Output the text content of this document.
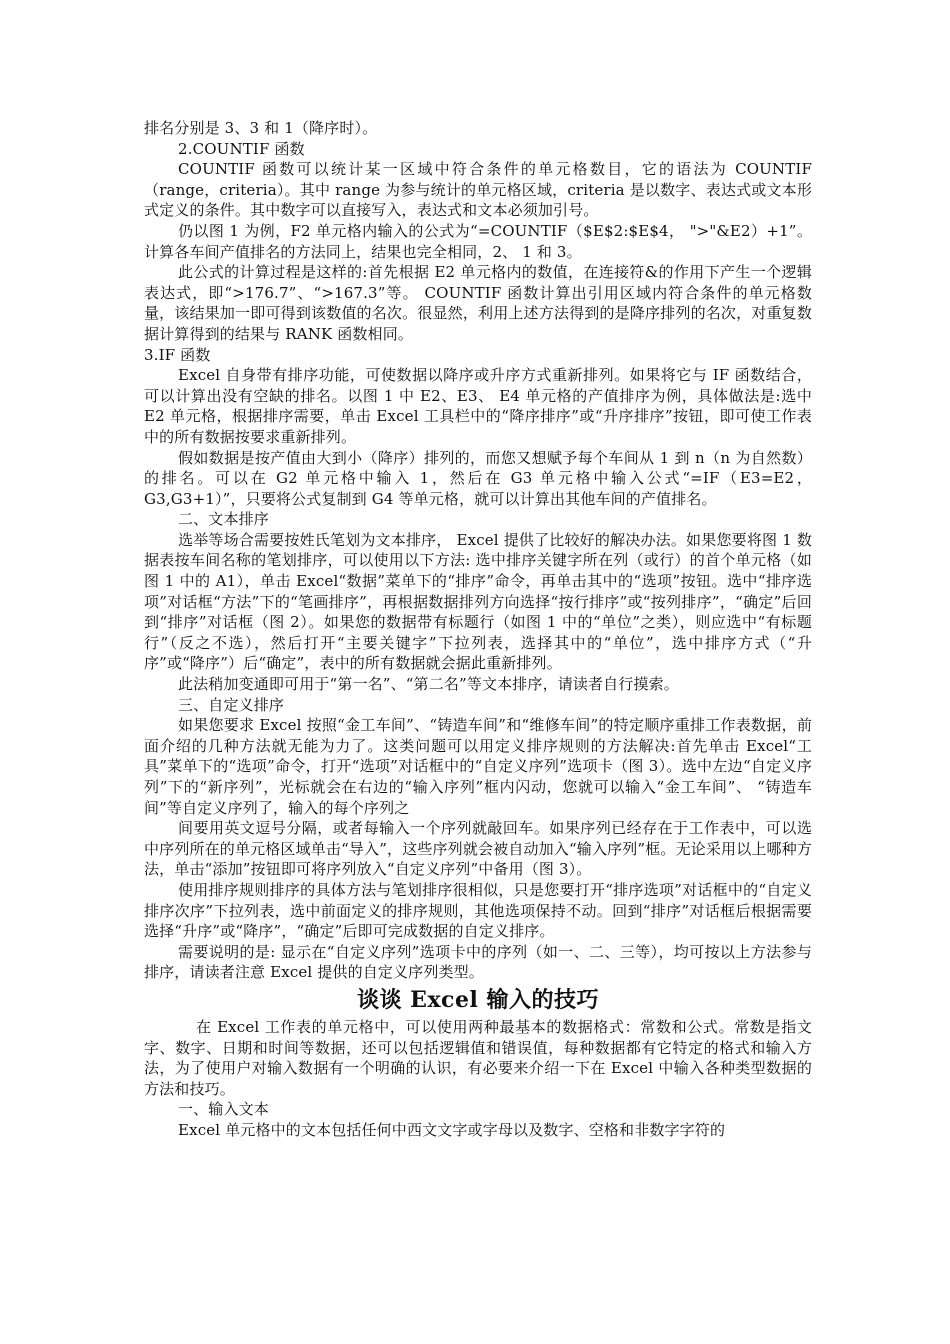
排名分别是 3、3 和 1（降序时）。

2.COUNTIF 函数

COUNTIF 函数可以统计某一区域中符合条件的单元格数目，它的语法为 COUNTIF（range，criteria）。其中 range 为参与统计的单元格区域，criteria 是以数字、表达式或文本形式定义的条件。其中数字可以直接写入，表达式和文本必须加引号。

仍以图 1 为例，F2 单元格内输入的公式为“=COUNTIF（$E$2:$E$4， ">"&E2）+1”。计算各车间产值排名的方法同上，结果也完全相同，2、 1 和 3。

此公式的计算过程是这样的:首先根据 E2 单元格内的数值，在连接符&的作用下产生一个逻辑表达式，即“>176.7”、“>167.3”等。 COUNTIF 函数计算出引用区域内符合条件的单元格数量，该结果加一即可得到该数值的名次。很显然，利用上述方法得到的是降序排列的名次，对重复数据计算得到的结果与 RANK 函数相同。

3.IF 函数

Excel 自身带有排序功能，可使数据以降序或升序方式重新排列。如果将它与 IF 函数结合，可以计算出没有空缺的排名。以图 1 中 E2、E3、 E4 单元格的产值排序为例，具体做法是:选中 E2 单元格，根据排序需要，单击 Excel 工具栏中的“降序排序”或“升序排序”按钮，即可使工作表中的所有数据按要求重新排列。

假如数据是按产值由大到小（降序）排列的，而您又想赋予每个车间从 1 到 n（n 为自然数）的排名。可以在 G2 单元格中输入 1，然后在 G3 单元格中输入公式“=IF（E3=E2， G3,G3+1）”，只要将公式复制到 G4 等单元格，就可以计算出其他车间的产值排名。

二、文本排序

选举等场合需要按姓氏笔划为文本排序， Excel 提供了比较好的解决办法。如果您要将图 1 数据表按车间名称的笔划排序，可以使用以下方法: 选中排序关键字所在列（或行）的首个单元格（如图 1 中的 A1），单击 Excel“数据”菜单下的“排序”命令，再单击其中的“选项”按钮。选中“排序选项”对话框“方法”下的“笔画排序”，再根据数据排列方向选择“按行排序”或“按列排序”，“确定”后回到“排序”对话框（图 2）。如果您的数据带有标题行（如图 1 中的“单位”之类），则应选中“有标题行”（反之不选），然后打开“主要关键字”下拉列表，选择其中的“单位”，选中排序方式（“升序”或“降序”）后“确定”，表中的所有数据就会据此重新排列。

此法稍加变通即可用于“第一名”、“第二名”等文本排序，请读者自行摸索。

三、自定义排序

如果您要求 Excel 按照“金工车间”、“铸造车间”和“维修车间”的特定顺序重排工作表数据，前面介绍的几种方法就无能为力了。这类问题可以用定义排序规则的方法解决:首先单击 Excel“工具”菜单下的“选项”命令，打开“选项”对话框中的“自定义序列”选项卡（图 3）。选中左边“自定义序列”下的“新序列”，光标就会在右边的“输入序列”框内闪动，您就可以输入“金工车间”、 “铸造车间”等自定义序列了，输入的每个序列之

间要用英文逗号分隔，或者每输入一个序列就敲回车。如果序列已经存在于工作表中，可以选中序列所在的单元格区域单击“导入”，这些序列就会被自动加入“输入序列”框。无论采用以上哪种方法，单击“添加”按钮即可将序列放入“自定义序列”中备用（图 3）。

使用排序规则排序的具体方法与笔划排序很相似，只是您要打开“排序选项”对话框中的“自定义排序次序”下拉列表，选中前面定义的排序规则，其他选项保持不动。回到“排序”对话框后根据需要选择“升序”或“降序”，“确定”后即可完成数据的自定义排序。

需要说明的是: 显示在“自定义序列”选项卡中的序列（如一、二、三等），均可按以上方法参与排序，请读者注意 Excel 提供的自定义序列类型。

谈谈 Excel 输入的技巧

在 Excel 工作表的单元格中，可以使用两种最基本的数据格式：常数和公式。常数是指文字、数字、日期和时间等数据，还可以包括逻辑值和错误值，每种数据都有它特定的格式和输入方法，为了使用户对输入数据有一个明确的认识，有必要来介绍一下在 Excel 中输入各种类型数据的方法和技巧。

一、输入文本

Excel 单元格中的文本包括任何中西文文字或字母以及数字、空格和非数字字符的
